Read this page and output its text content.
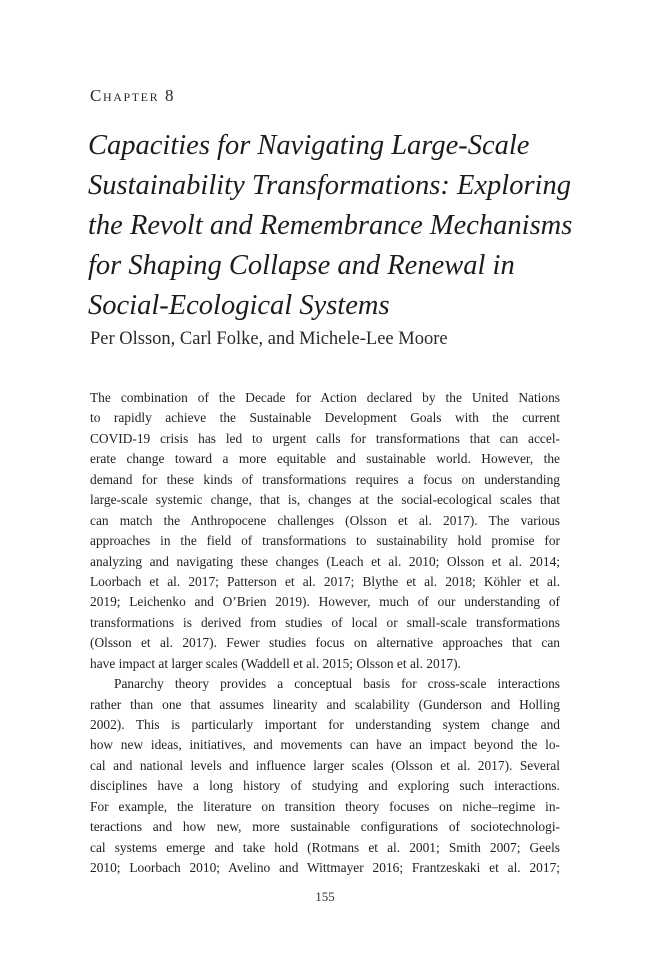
Chapter 8
Capacities for Navigating Large-Scale
Sustainability Transformations: Exploring
the Revolt and Remembrance Mechanisms
for Shaping Collapse and Renewal in
Social-Ecological Systems
Per Olsson, Carl Folke, and Michele-Lee Moore

The combination of the Decade for Action declared by the United Nations
to rapidly achieve the Sustainable Development Goals with the current
COVID-19 crisis has led to urgent calls for transformations that can accel-
erate change toward a more equitable and sustainable world. However, the
demand for these kinds of transformations requires a focus on understanding
large-scale systemic change, that is, changes at the social-ecological scales that
can match the Anthropocene challenges (Olsson et al. 2017). The various
approaches in the field of transformations to sustainability hold promise for
analyzing and navigating these changes (Leach et al. 2010; Olsson et al. 2014;
Loorbach et al. 2017; Patterson et al. 2017; Blythe et al. 2018; Köhler et al.
2019; Leichenko and O’Brien 2019). However, much of our understanding of
transformations is derived from studies of local or small-scale transformations
(Olsson et al. 2017). Fewer studies focus on alternative approaches that can
have impact at larger scales (Waddell et al. 2015; Olsson et al. 2017).

Panarchy theory provides a conceptual basis for cross-scale interactions
rather than one that assumes linearity and scalability (Gunderson and Holling
2002). This is particularly important for understanding system change and
how new ideas, initiatives, and movements can have an impact beyond the lo-
cal and national levels and influence larger scales (Olsson et al. 2017). Several
disciplines have a long history of studying and exploring such interactions.
For example, the literature on transition theory focuses on niche–regime in-
teractions and how new, more sustainable configurations of sociotechnologi-
cal systems emerge and take hold (Rotmans et al. 2001; Smith 2007; Geels
2010; Loorbach 2010; Avelino and Wittmayer 2016; Frantzeskaki et al. 2017;

155
